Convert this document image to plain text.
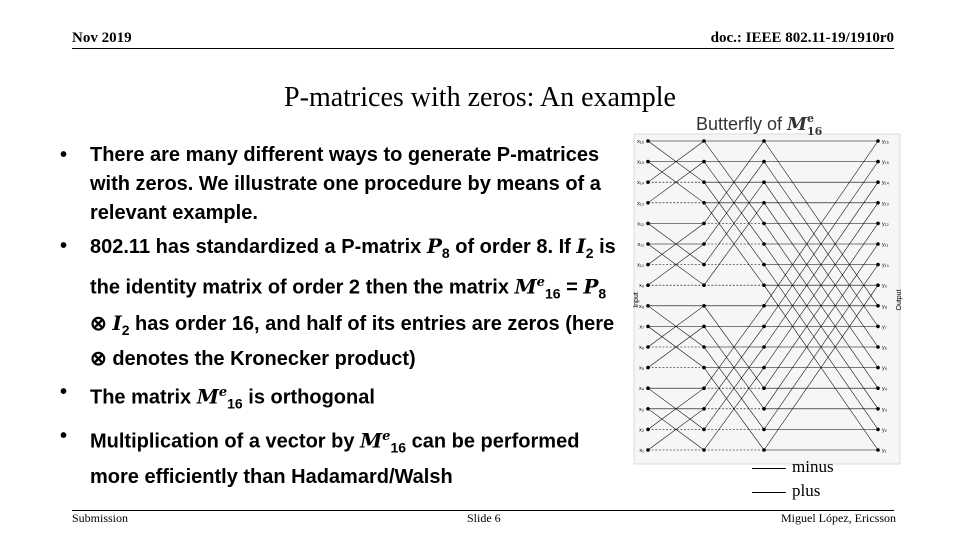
Nov 2019	doc.: IEEE 802.11-19/1910r0
P-matrices with zeros: An example
• There are many different ways to generate P-matrices with zeros. We illustrate one procedure by means of a relevant example.
• 802.11 has standardized a P-matrix $P_8$ of order 8. If $I_2$ is the identity matrix of order 2 then the matrix $M^e_{16} = P_8$ ⊗ $I_2$ has order 16, and half of its entries are zeros (here ⊗ denotes the Kronecker product)
• The matrix $M^e_{16}$ is orthogonal
• Multiplication of a vector by $M^e_{16}$ can be performed more efficiently than Hadamard/Walsh
Butterfly of Me 16
Input	Output
x₁₆	y₁₆
x₁₅	y₁₅
x₁₄	y₁₄
x₁₃	y₁₃
x₁₂	y₁₂
x₁₁	y₁₁
x₁₀	y₁₀
x₉	y₉
x₈	y₈
x₇	y₇
x₆	y₆
x₅	y₅
x₄	y₄
x₃	y₃
x₂	y₂
x₁	y₁
minus
plus
Submission	Slide 6	Miguel López, Ericsson
